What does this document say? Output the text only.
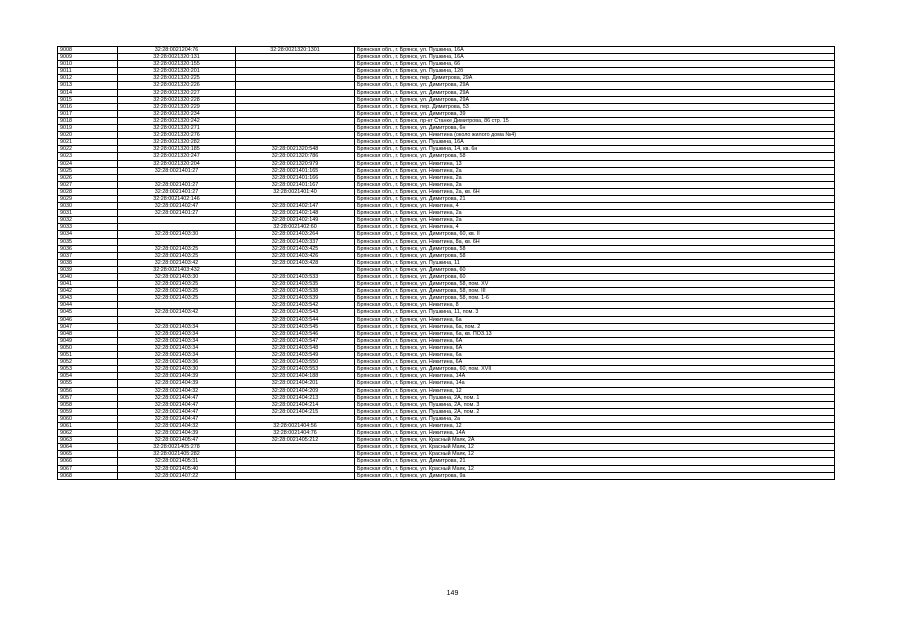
9008	32:28:0021204:76	32:28:0021320:1301	Брянская обл., г. Брянск, ул. Пушкина, 16А
9009	32:28:0021320:131		Брянская обл., г. Брянск, ул. Пушкина, 16А
9010	32:28:0021320:155		Брянская обл., г. Брянск, ул. Пушкина, 66
9011	32:28:0021320:201		Брянская обл., г. Брянск, ул. Пушкина, 12б
9012	32:28:0021320:225		Брянская обл., г. Брянск, пер. Димитрова, 29А
9013	32:28:0021320:226		Брянская обл., г. Брянск, ул. Димитрова, 29А
9014	32:28:0021320:227		Брянская обл., г. Брянск, ул. Димитрова, 29А
9015	32:28:0021320:228		Брянская обл., г. Брянск, ул. Димитрова, 29А
9016	32:28:0021320:229		Брянская обл., г. Брянск, пер. Димитрова, 53
9017	32:28:0021320:234		Брянская обл., г. Брянск, ул. Димитрова, 39
9018	32:28:0021320:242		Брянская обл., г. Брянск, пр-кт Станке Димитрова, 86 стр. 15
9019	32:28:0021320:271		Брянская обл., г. Брянск, ул. Димитрова, 6н
9020	32:28:0021320:276		Брянская обл., г. Брянск, ул. Никитина (около жилого дома №4)
9021	32:28:0021320:282		Брянская обл., г. Брянск, ул. Пушкина, 16А
9022	32:28:0021320:185	32:28:0021320:548	Брянская обл., г. Брянск, ул. Пушкина, 14, кв. 6н
9023	32:28:0021320:247	32:28:0021320:786	Брянская обл., г. Брянск, ул. Димитрова, 58
9024	32:28:0021320:204	32:28:0021320:979	Брянская обл., г. Брянск, ул. Никитина, 13
9025	32:28:0021401:27	32:28:0021401:165	Брянская обл., г. Брянск, ул. Никитина, 2а
9026		32:28:0021401:166	Брянская обл., г. Брянск, ул. Никитина, 2а
9027	32:28:0021401:27	32:28:0021401:167	Брянская обл., г. Брянск, ул. Никитина, 2а
9028	32:28:0021401:27	32:28:0021401:40	Брянская обл., г. Брянск, ул. Никитина, 2а, кв. 6Н
9029	32:28:0021402:146		Брянская обл., г. Брянск, ул. Димитрова, 21
9030	32:28:0021402:47	32:28:0021402:147	Брянская обл., г. Брянск, ул. Никитина, 4
9031	32:28:0021401:27	32:28:0021402:148	Брянская обл., г. Брянск, ул. Никитина, 2а
9032		32:28:0021402:149	Брянская обл., г. Брянск, ул. Никитина, 2а
9033		32:28:0021402:60	Брянская обл., г. Брянск, ул. Никитина, 4
9034	32:28:0021403:30	32:28:0021403:264	Брянская обл., г. Брянск, ул. Димитрова, 60, кв. II
9035		32:28:0021403:337	Брянская обл., г. Брянск, ул. Никитина, 8а, кв. 6Н
9036	32:28:0021403:25	32:28:0021403:425	Брянская обл., г. Брянск, ул. Димитрова, 58
9037	32:28:0021403:25	32:28:0021403:426	Брянская обл., г. Брянск, ул. Димитрова, 58
9038	32:28:0021403:42	32:28:0021403:428	Брянская обл., г. Брянск, ул. Пушкина, 11
9039	32:28:0021403:432		Брянская обл., г. Брянск, ул. Димитрова, 60
9040	32:28:0021403:30	32:28:0021403:533	Брянская обл., г. Брянск, ул. Димитрова, 60
9041	32:28:0021403:25	32:28:0021403:535	Брянская обл., г. Брянск, ул. Димитрова, 58, пом. XV
9042	32:28:0021403:25	32:28:0021403:538	Брянская обл., г. Брянск, ул. Димитрова, 58, пом. III
9043	32:28:0021403:25	32:28:0021403:539	Брянская обл., г. Брянск, ул. Димитрова, 58, пом. 1-6
9044		32:28:0021403:542	Брянская обл., г. Брянск, ул. Никитина, 8
9045	32:28:0021403:42	32:28:0021403:543	Брянская обл., г. Брянск, ул. Пушкина, 11, пом. 3
9046		32:28:0021403:544	Брянская обл., г. Брянск, ул. Никитина, 6а
9047	32:28:0021403:34	32:28:0021403:545	Брянская обл., г. Брянск, ул. Никитина, 6а, пом. 2
9048	32:28:0021403:34	32:28:0021403:546	Брянская обл., г. Брянск, ул. Никитина, 6а, кв. ПОЗ.13
9049	32:28:0021403:34	32:28:0021403:547	Брянская обл., г. Брянск, ул. Никитина, 6А
9050	32:28:0021403:34	32:28:0021403:548	Брянская обл., г. Брянск, ул. Никитина, 6А
9051	32:28:0021403:34	32:28:0021403:549	Брянская обл., г. Брянск, ул. Никитина, 6а
9052	32:28:0021403:36	32:28:0021403:550	Брянская обл., г. Брянск, ул. Никитина, 6А
9053	32:28:0021403:30	32:28:0021403:553	Брянская обл., г. Брянск, ул. Димитрова, 60, пом. XVII
9054	32:28:0021404:39	32:28:0021404:188	Брянская обл., г. Брянск, ул. Никитина, 14А
9055	32:28:0021404:39	32:28:0021404:201	Брянская обл., г. Брянск, ул. Никитина, 14а
9056	32:28:0021404:32	32:28:0021404:209	Брянская обл., г. Брянск, ул. Никитина, 12
9057	32:28:0021404:47	32:28:0021404:213	Брянская обл., г. Брянск, ул. Пушкина, 2А, пом. 1
9058	32:28:0021404:47	32:28:0021404:214	Брянская обл., г. Брянск, ул. Пушкина, 2А, пом. 3
9059	32:28:0021404:47	32:28:0021404:215	Брянская обл., г. Брянск, ул. Пушкина, 2А, пом. 2
9060	32:28:0021404:47		Брянская обл., г. Брянск, ул. Пушкина, 2а
9061	32:28:0021404:32	32:28:0021404:56	Брянская обл., г. Брянск, ул. Никитина, 12
9062	32:28:0021404:39	32:28:0021404:76	Брянская обл., г. Брянск, ул. Никитина, 14А
9063	32:28:0021405:47	32:28:0021405:212	Брянская обл., г. Брянск, ул. Красный Маяк, 2А
9064	32:28:0021405:278		Брянская обл., г. Брянск, ул. Красный Маяк, 12
9065	32:28:0021405:282		Брянская обл., г. Брянск, ул. Красный Маяк, 12
9066	32:28:0021405:31		Брянская обл., г. Брянск, ул. Димитрова, 21
9067	32:28:0021405:40		Брянская обл., г. Брянск, ул. Красный Маяк, 12
9068	32:28:0021407:22		Брянская обл., г. Брянск, ул. Димитрова, 9а
149
